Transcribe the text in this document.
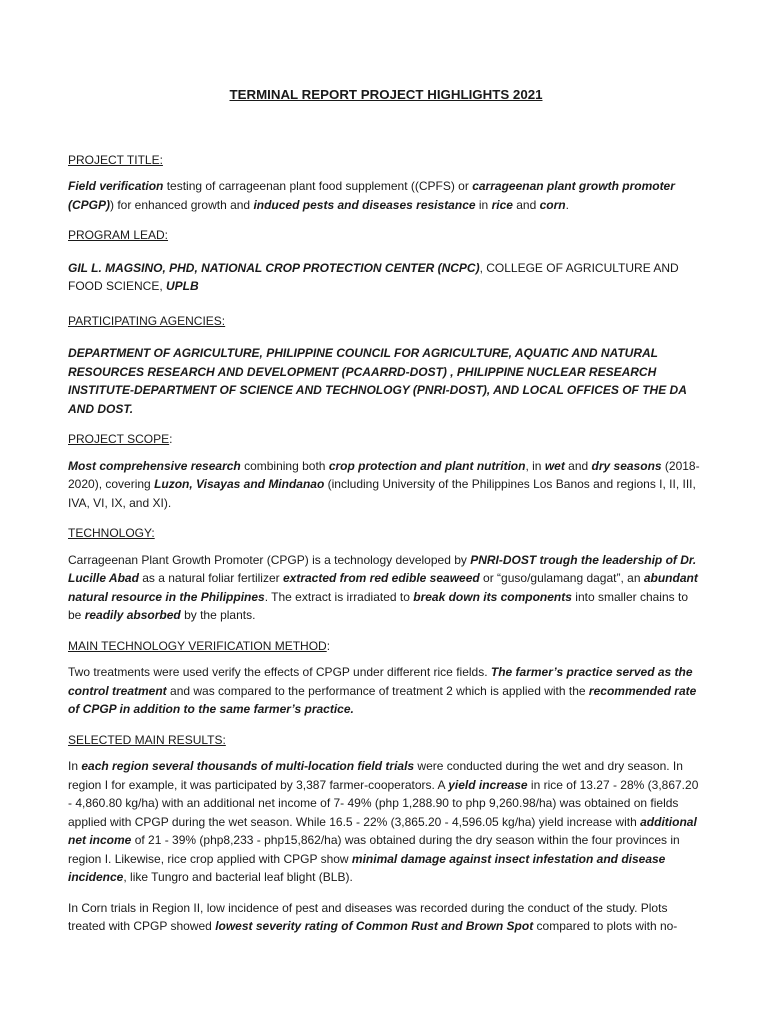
TERMINAL REPORT PROJECT HIGHLIGHTS 2021
PROJECT TITLE:

Field verification testing of carrageenan plant food supplement ((CPFS) or carrageenan plant growth promoter (CPGP)) for enhanced growth and induced pests and diseases resistance in rice and corn.

PROGRAM LEAD:

GIL L. MAGSINO, PHD, NATIONAL CROP PROTECTION CENTER (NCPC), COLLEGE OF AGRICULTURE AND FOOD SCIENCE, UPLB

PARTICIPATING AGENCIES:

DEPARTMENT OF AGRICULTURE, PHILIPPINE COUNCIL FOR AGRICULTURE, AQUATIC AND NATURAL RESOURCES RESEARCH AND DEVELOPMENT (PCAARRD-DOST) , PHILIPPINE NUCLEAR RESEARCH INSTITUTE-DEPARTMENT OF SCIENCE AND TECHNOLOGY (PNRI-DOST), AND LOCAL OFFICES OF THE DA AND DOST.

PROJECT SCOPE:

Most comprehensive research combining both crop protection and plant nutrition, in wet and dry seasons (2018-2020), covering Luzon, Visayas and Mindanao (including University of the Philippines Los Banos and regions I, II, III, IVA, VI, IX, and XI).

TECHNOLOGY:

Carrageenan Plant Growth Promoter (CPGP) is a technology developed by PNRI-DOST trough the leadership of Dr. Lucille Abad as a natural foliar fertilizer extracted from red edible seaweed or “guso/gulamang dagat”, an abundant natural resource in the Philippines. The extract is irradiated to break down its components into smaller chains to be readily absorbed by the plants.

MAIN TECHNOLOGY VERIFICATION METHOD:

Two treatments were used verify the effects of CPGP under different rice fields. The farmer’s practice served as the control treatment and was compared to the performance of treatment 2 which is applied with the recommended rate of CPGP in addition to the same farmer’s practice.

SELECTED MAIN RESULTS:

In each region several thousands of multi-location field trials were conducted during the wet and dry season. In region I for example, it was participated by 3,387 farmer-cooperators. A yield increase in rice of 13.27 - 28% (3,867.20 - 4,860.80 kg/ha) with an additional net income of 7- 49% (php 1,288.90 to php 9,260.98/ha) was obtained on fields applied with CPGP during the wet season. While 16.5 - 22% (3,865.20 - 4,596.05 kg/ha) yield increase with additional net income of 21 - 39% (php8,233 - php15,862/ha) was obtained during the dry season within the four provinces in region I. Likewise, rice crop applied with CPGP show minimal damage against insect infestation and disease incidence, like Tungro and bacterial leaf blight (BLB).

In Corn trials in Region II, low incidence of pest and diseases was recorded during the conduct of the study. Plots treated with CPGP showed lowest severity rating of Common Rust and Brown Spot compared to plots with no-
